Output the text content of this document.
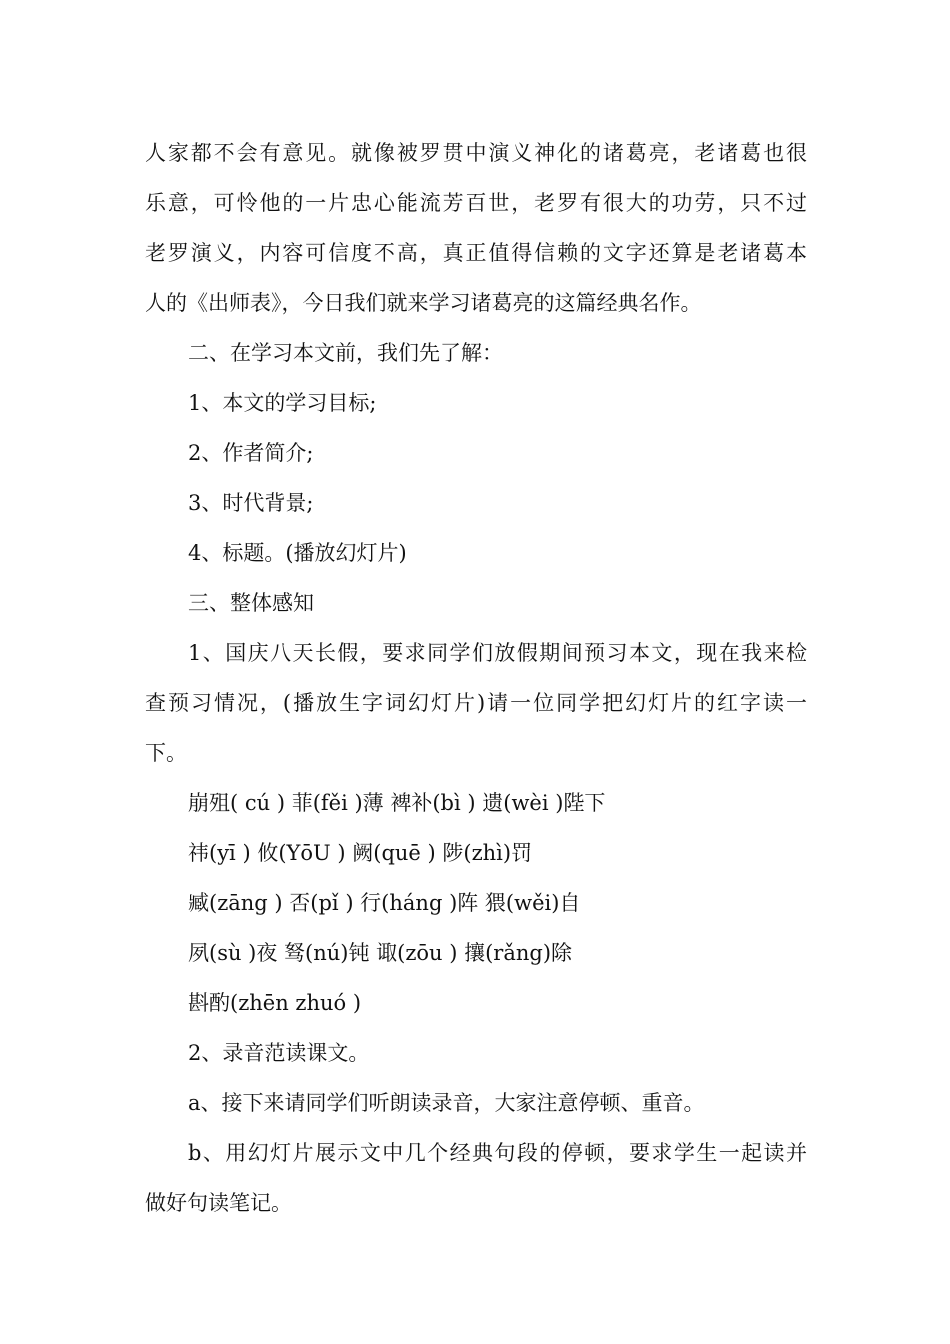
人家都不会有意见。就像被罗贯中演义神化的诸葛亮，老诸葛也很
乐意，可怜他的一片忠心能流芳百世，老罗有很大的功劳，只不过
老罗演义，内容可信度不高，真正值得信赖的文字还算是老诸葛本
人的《出师表》，今日我们就来学习诸葛亮的这篇经典名作。
二、在学习本文前，我们先了解：
1、本文的学习目标;
2、作者简介;
3、时代背景;
4、标题。(播放幻灯片)
三、整体感知
1、国庆八天长假，要求同学们放假期间预习本文，现在我来检
查预习情况，(播放生字词幻灯片)请一位同学把幻灯片的红字读一
下。
崩殂( cú ) 菲(fěi )薄 裨补(bì ) 遗(wèi )陛下
祎(yī ) 攸(YōU ) 阙(quē ) 陟(zhì)罚
臧(zāng ) 否(pǐ ) 行(háng )阵 猥(wěi)自
夙(sù )夜 驽(nú)钝 诹(zōu ) 攘(rǎng)除
斟酌(zhēn zhuó )
2、录音范读课文。
a、接下来请同学们听朗读录音，大家注意停顿、重音。
b、用幻灯片展示文中几个经典句段的停顿，要求学生一起读并
做好句读笔记。
